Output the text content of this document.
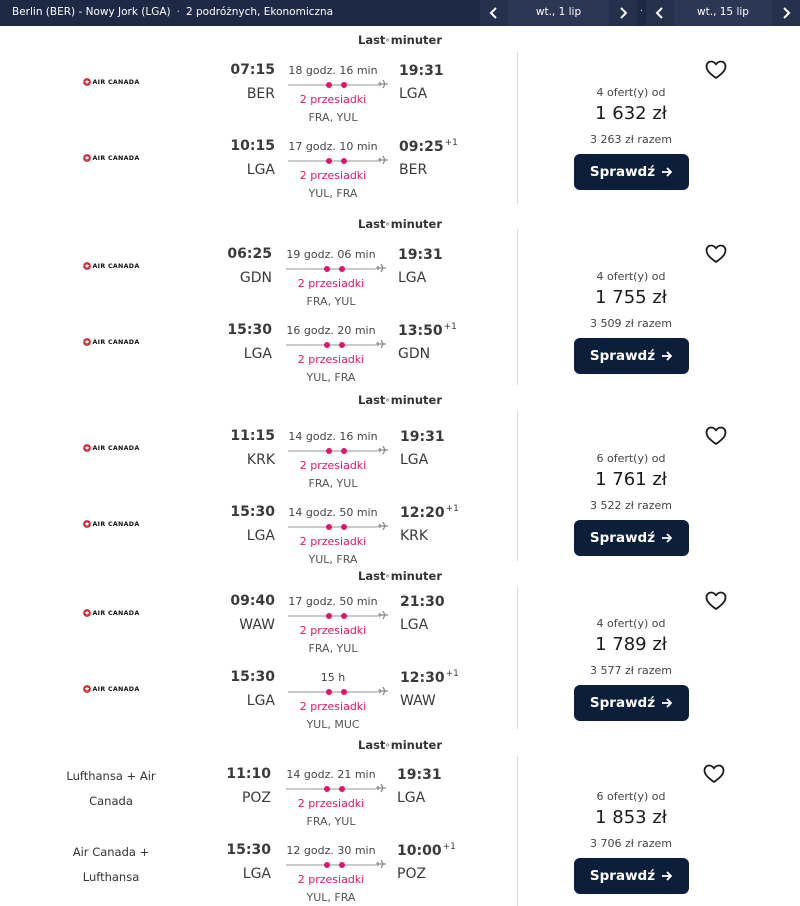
Berlin (BER) - Nowy Jork (LGA) · 2 podróżnych, Ekonomiczna	wt., 1 lip	·	wt., 15 lip
Last minuter
AIR CANADA
07:15
BER
18 godz. 16 min
2 przesiadki
FRA, YUL
19:31
LGA
AIR CANADA
10:15
LGA
17 godz. 10 min
2 przesiadki
YUL, FRA
$09:25^{+1}$
BER
4 ofert(y) od
1 632 zł
3 263 zł razem
Sprawdź
Last minuter
AIR CANADA
06:25
GDN
19 godz. 06 min
2 przesiadki
FRA, YUL
19:31
LGA
AIR CANADA
15:30
LGA
16 godz. 20 min
2 przesiadki
YUL, FRA
$13:50^{+1}$
GDN
4 ofert(y) od
1 755 zł
3 509 zł razem
Sprawdź
Last minuter
AIR CANADA
11:15
KRK
14 godz. 16 min
2 przesiadki
FRA, YUL
19:31
LGA
AIR CANADA
15:30
LGA
14 godz. 50 min
2 przesiadki
YUL, FRA
$12:20^{+1}$
KRK
6 ofert(y) od
1 761 zł
3 522 zł razem
Sprawdź
Last minuter
AIR CANADA
09:40
WAW
17 godz. 50 min
2 przesiadki
FRA, YUL
21:30
LGA
AIR CANADA
15:30
LGA
15 h
2 przesiadki
YUL, MUC
$12:30^{+1}$
WAW
4 ofert(y) od
1 789 zł
3 577 zł razem
Sprawdź
Last minuter
Lufthansa + Air Canada
11:10
POZ
14 godz. 21 min
2 przesiadki
FRA, YUL
19:31
LGA
Air Canada + Lufthansa
15:30
LGA
12 godz. 30 min
2 przesiadki
YUL, FRA
$10:00^{+1}$
POZ
6 ofert(y) od
1 853 zł
3 706 zł razem
Sprawdź
